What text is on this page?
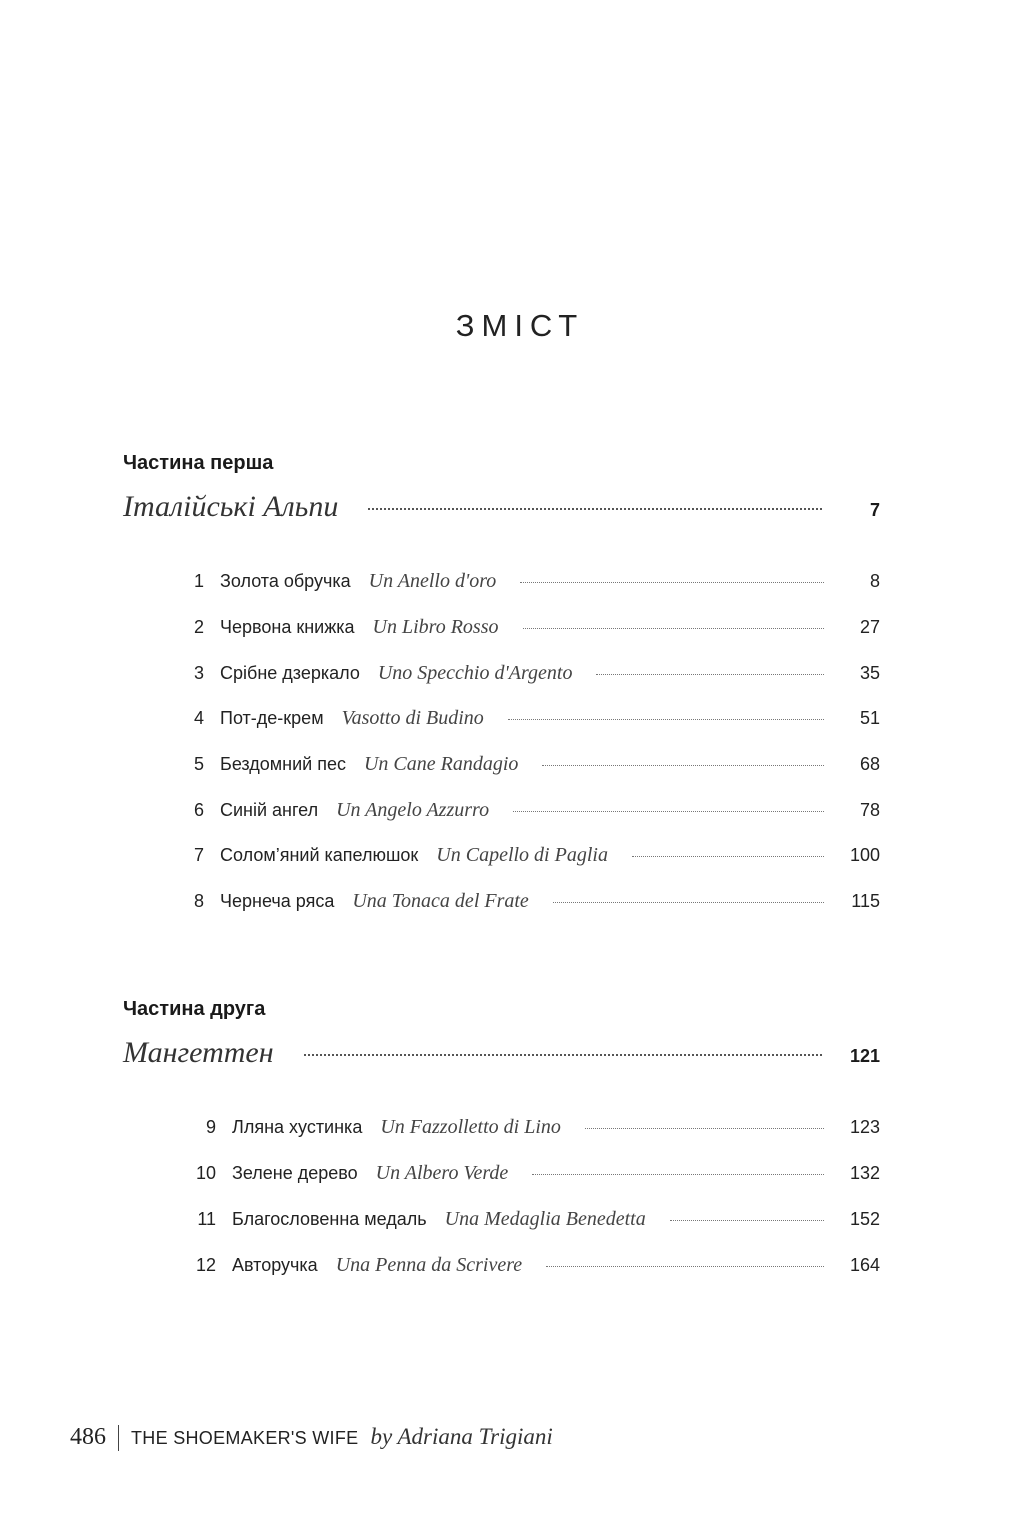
ЗМІСТ
Частина перша
Італійські Альпи	7
1 Золота обручка Un Anello d'oro	8
2 Червона книжка Un Libro Rosso	27
3 Срібне дзеркало Uno Specchio d'Argento	35
4 Пот-де-крем Vasotto di Budino	51
5 Бездомний пес Un Cane Randagio	68
6 Синій ангел Un Angelo Azzurro	78
7 Солом’яний капелюшок Un Capello di Paglia	100
8 Чернеча ряса Una Tonaca del Frate	115
Частина друга
Мангеттен	121
9 Лляна хустинка Un Fazzolletto di Lino	123
10 Зелене дерево Un Albero Verde	132
11 Благословенна медаль Una Medaglia Benedetta	152
12 Авторучка Una Penna da Scrivere	164
486 THE SHOEMAKER'S WIFE by Adriana Trigiani
